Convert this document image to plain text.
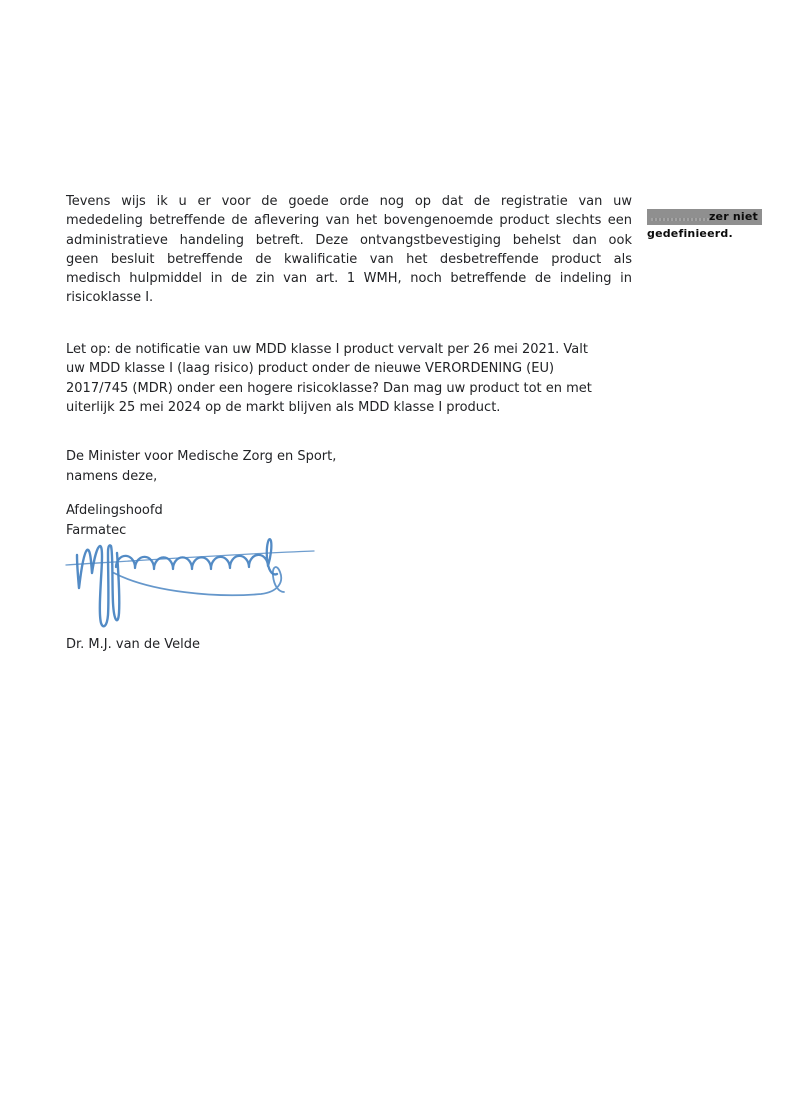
Tevens wijs ik u er voor de goede orde nog op dat de registratie van uw
mededeling betreffende de aflevering van het bovengenoemde product slechts een
administratieve handeling betreft. Deze ontvangstbevestiging behelst dan ook
geen besluit betreffende de kwalificatie van het desbetreffende product als
medisch hulpmiddel in de zin van art. 1 WMH, noch betreffende de indeling in
risicoklasse I.
zer niet
gedefinieerd.
Let op: de notificatie van uw MDD klasse I product vervalt per 26 mei 2021. Valt
uw MDD klasse I (laag risico) product onder de nieuwe VERORDENING (EU)
2017/745 (MDR) onder een hogere risicoklasse? Dan mag uw product tot en met
uiterlijk 25 mei 2024 op de markt blijven als MDD klasse I product.
De Minister voor Medische Zorg en Sport,
namens deze,
Afdelingshoofd
Farmatec
Dr. M.J. van de Velde
